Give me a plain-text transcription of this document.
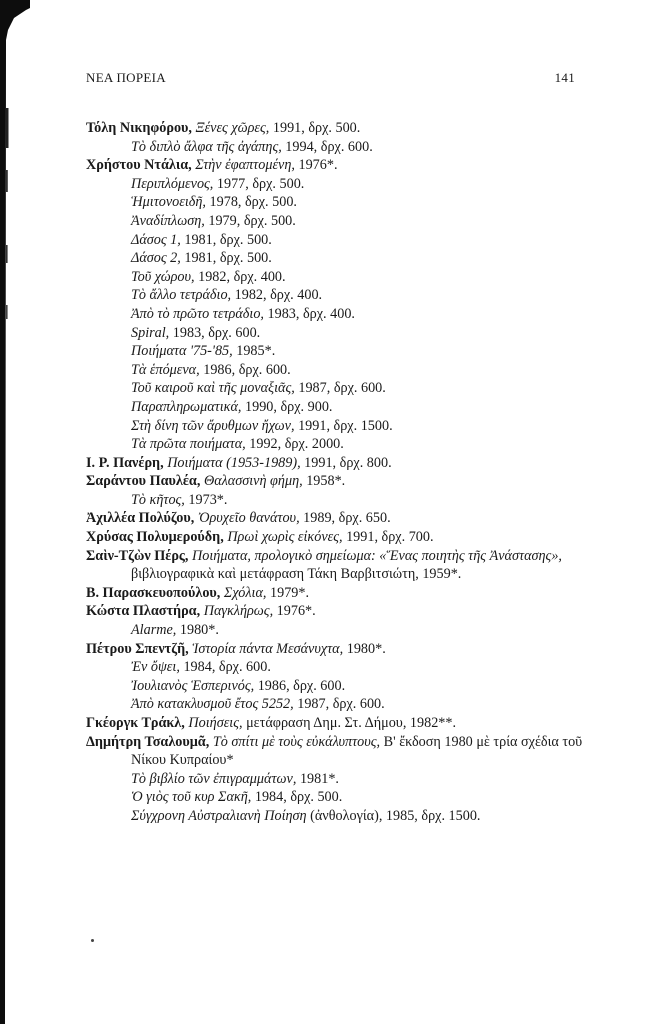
ΝΕΑ ΠΟΡΕΙΑ	141
Τόλη Νικηφόρου, Ξένες χῶρες, 1991, δρχ. 500.
Τὸ διπλὸ ἄλφα τῆς ἀγάπης, 1994, δρχ. 600.
Χρήστου Ντάλια, Στὴν ἐφαπτομένη, 1976*.
Περιπλόμενος, 1977, δρχ. 500.
Ἡμιτονοειδῆ, 1978, δρχ. 500.
Ἀναδίπλωση, 1979, δρχ. 500.
Δάσος 1, 1981, δρχ. 500.
Δάσος 2, 1981, δρχ. 500.
Τοῦ χώρου, 1982, δρχ. 400.
Τὸ ἄλλο τετράδιο, 1982, δρχ. 400.
Ἀπὸ τὸ πρῶτο τετράδιο, 1983, δρχ. 400.
Spiral, 1983, δρχ. 600.
Ποιήματα '75-'85, 1985*.
Τὰ ἑπόμενα, 1986, δρχ. 600.
Τοῦ καιροῦ καὶ τῆς μοναξιᾶς, 1987, δρχ. 600.
Παραπληρωματικά, 1990, δρχ. 900.
Στὴ δίνη τῶν ἄρυθμων ἤχων, 1991, δρχ. 1500.
Τὰ πρῶτα ποιήματα, 1992, δρχ. 2000.
Ι. Ρ. Πανέρη, Ποιήματα (1953-1989), 1991, δρχ. 800.
Σαράντου Παυλέα, Θαλασσινὴ φήμη, 1958*.
Τὸ κῆτος, 1973*.
Ἀχιλλέα Πολύζου, Ὀρυχεῖο θανάτου, 1989, δρχ. 650.
Χρύσας Πολυμερούδη, Πρωὶ χωρὶς εἰκόνες, 1991, δρχ. 700.
Σαὶν-Τζὼν Πέρς, Ποιήματα, προλογικὸ σημείωμα: «Ἕνας ποιητὴς τῆς Ἀνάστασης», βιβλιογραφικὰ καὶ μετάφραση Τάκη Βαρβιτσιώτη, 1959*.
Β. Παρασκευοπούλου, Σχόλια, 1979*.
Κώστα Πλαστήρα, Παγκλήρως, 1976*.
Alarme, 1980*.
Πέτρου Σπεντζῆ, Ἱστορία πάντα Μεσάνυχτα, 1980*.
Ἐν ὄψει, 1984, δρχ. 600.
Ἰουλιανὸς Ἑσπερινός, 1986, δρχ. 600.
Ἀπὸ κατακλυσμοῦ ἔτος 5252, 1987, δρχ. 600.
Γκέοργκ Τράκλ, Ποιήσεις, μετάφραση Δημ. Στ. Δήμου, 1982**.
Δημήτρη Τσαλουμᾶ, Τὸ σπίτι μὲ τοὺς εὐκάλυπτους, Β' ἔκδοση 1980 μὲ τρία σχέδια τοῦ Νίκου Κυπραίου*
Τὸ βιβλίο τῶν ἐπιγραμμάτων, 1981*.
Ὁ γιὸς τοῦ κυρ Σακῆ, 1984, δρχ. 500.
Σύγχρονη Αὐστραλιανὴ Ποίηση (ἀνθολογία), 1985, δρχ. 1500.
